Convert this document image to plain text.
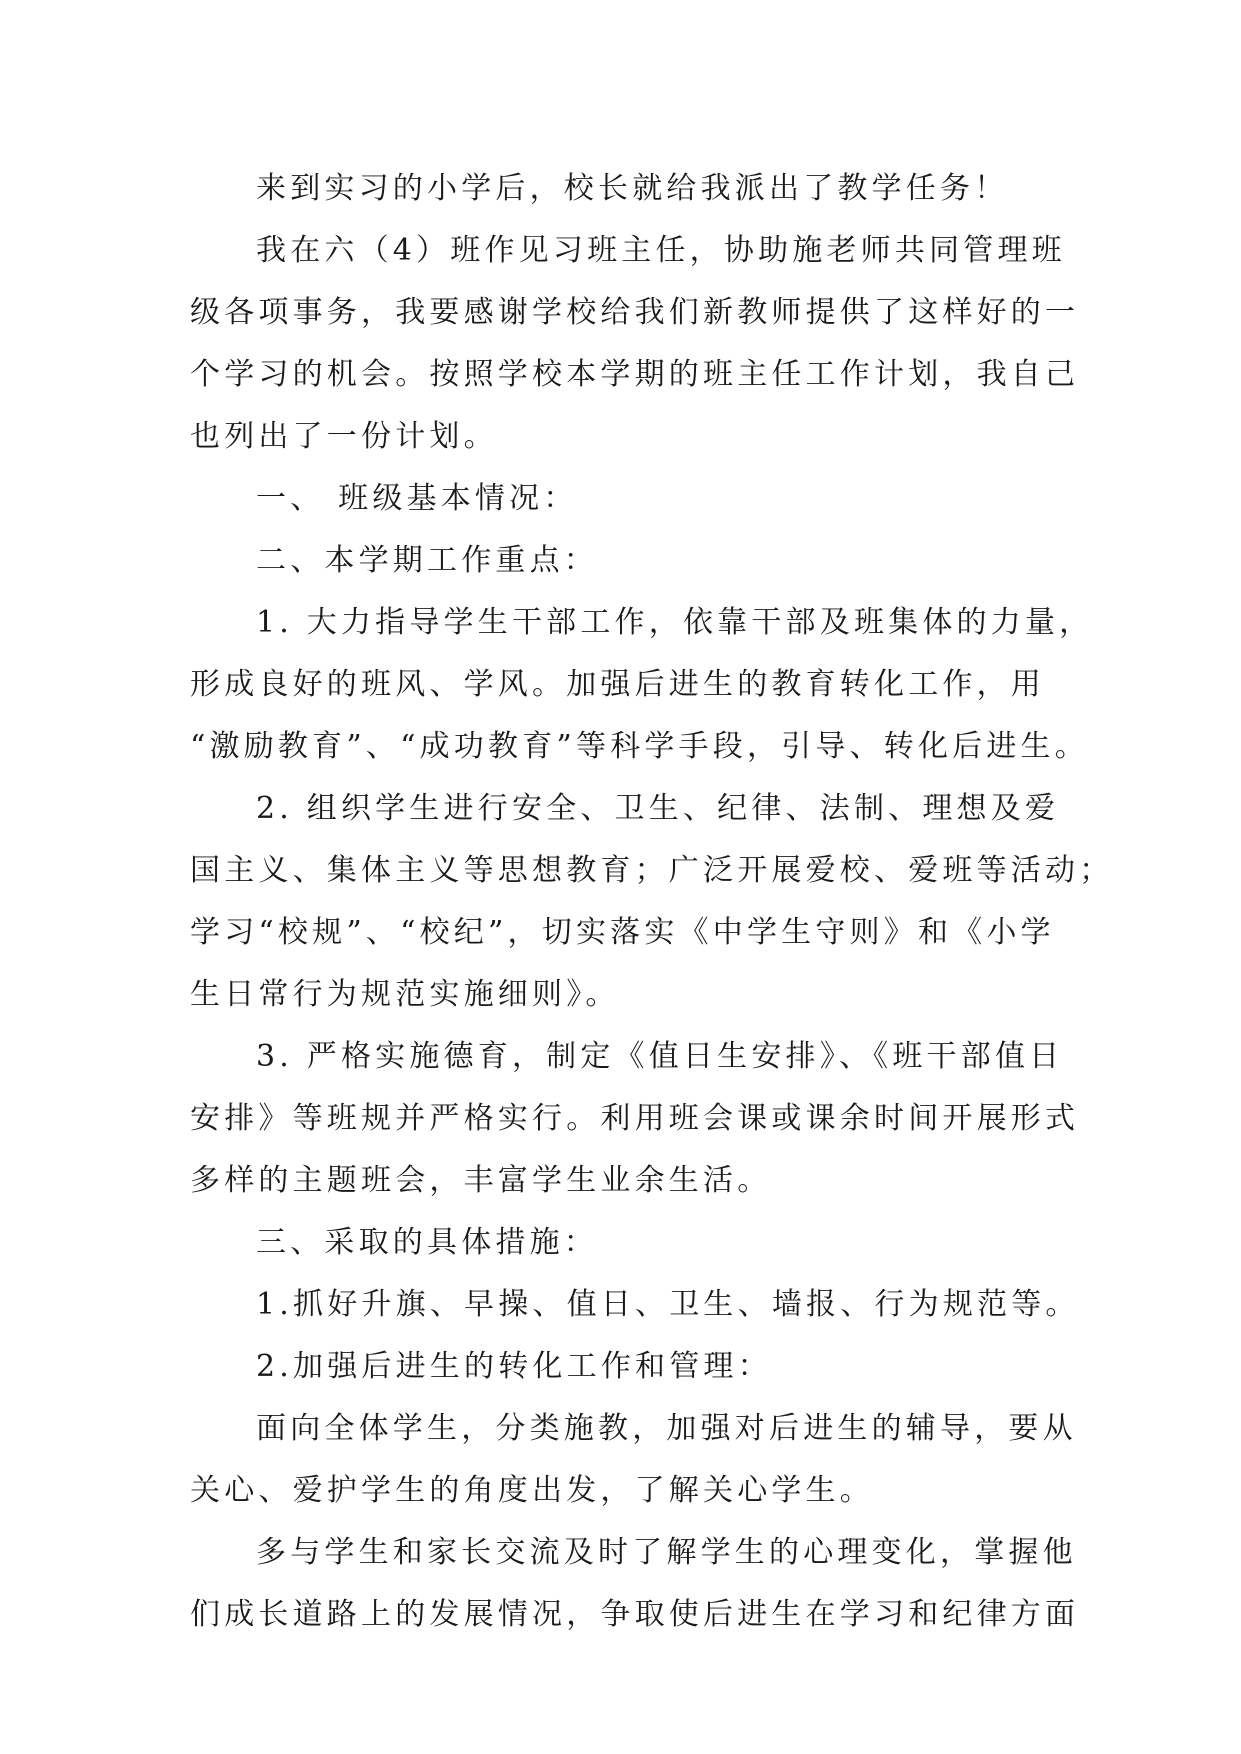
来到实习的小学后，校长就给我派出了教学任务！
我在六（4）班作见习班主任，协助施老师共同管理班
级各项事务，我要感谢学校给我们新教师提供了这样好的一
个学习的机会。按照学校本学期的班主任工作计划，我自己
也列出了一份计划。
一、 班级基本情况：
二、本学期工作重点：
1. 大力指导学生干部工作，依靠干部及班集体的力量，
形成良好的班风、学风。加强后进生的教育转化工作，用
“激励教育”、“成功教育”等科学手段，引导、转化后进生。
2. 组织学生进行安全、卫生、纪律、法制、理想及爱
国主义、集体主义等思想教育；广泛开展爱校、爱班等活动；
学习“校规”、“校纪”，切实落实《中学生守则》和《小学
生日常行为规范实施细则》。
3. 严格实施德育，制定《值日生安排》、《班干部值日
安排》等班规并严格实行。利用班会课或课余时间开展形式
多样的主题班会，丰富学生业余生活。
三、采取的具体措施：
1.抓好升旗、早操、值日、卫生、墙报、行为规范等。
2.加强后进生的转化工作和管理：
面向全体学生，分类施教，加强对后进生的辅导，要从
关心、爱护学生的角度出发，了解关心学生。
多与学生和家长交流及时了解学生的心理变化，掌握他
们成长道路上的发展情况，争取使后进生在学习和纪律方面
